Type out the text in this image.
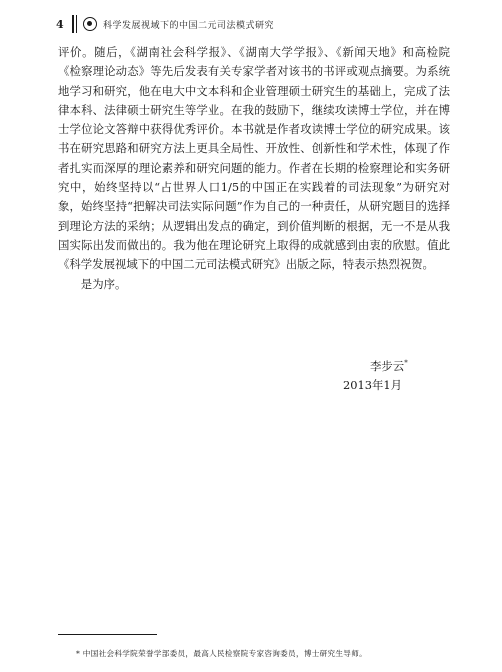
4	科学发展视域下的中国二元司法模式研究

评价。随后，《湖南社会科学报》、《湖南大学学报》、《新闻天地》和高检院《检察理论动态》等先后发表有关专家学者对该书的书评或观点摘要。为系统地学习和研究，他在电大中文本科和企业管理硕士研究生的基础上，完成了法律本科、法律硕士研究生等学业。在我的鼓励下，继续攻读博士学位，并在博士学位论文答辩中获得优秀评价。本书就是作者攻读博士学位的研究成果。该书在研究思路和研究方法上更具全局性、开放性、创新性和学术性，体现了作者扎实而深厚的理论素养和研究问题的能力。作者在长期的检察理论和实务研究中，始终坚持以“占世界人口1/5的中国正在实践着的司法现象”为研究对象，始终坚持“把解决司法实际问题”作为自己的一种责任，从研究题目的选择到理论方法的采纳；从逻辑出发点的确定，到价值判断的根据，无一不是从我国实际出发而做出的。我为他在理论研究上取得的成就感到由衷的欣慰。值此《科学发展视域下的中国二元司法模式研究》出版之际，特表示热烈祝贺。

是为序。

李步云*
2013年1月
* 中国社会科学院荣誉学部委员，最高人民检察院专家咨询委员，博士研究生导师。
